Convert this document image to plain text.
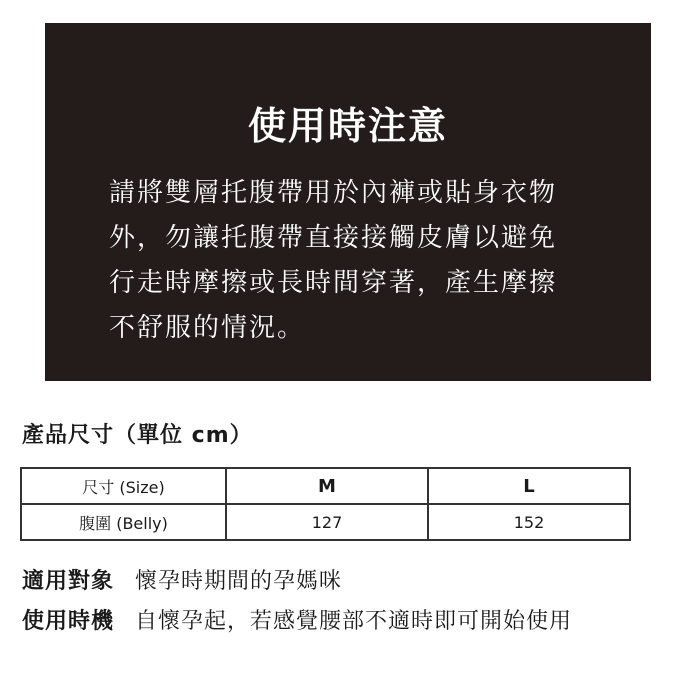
使用時注意
請將雙層托腹帶用於內褲或貼身衣物
外，勿讓托腹帶直接接觸皮膚以避免
行走時摩擦或長時間穿著，產生摩擦
不舒服的情況。
產品尺寸（單位 cm）
尺寸 (Size)	M	L
腹圍 (Belly)	127	152
適用對象 懷孕時期間的孕媽咪
使用時機 自懷孕起，若感覺腰部不適時即可開始使用
